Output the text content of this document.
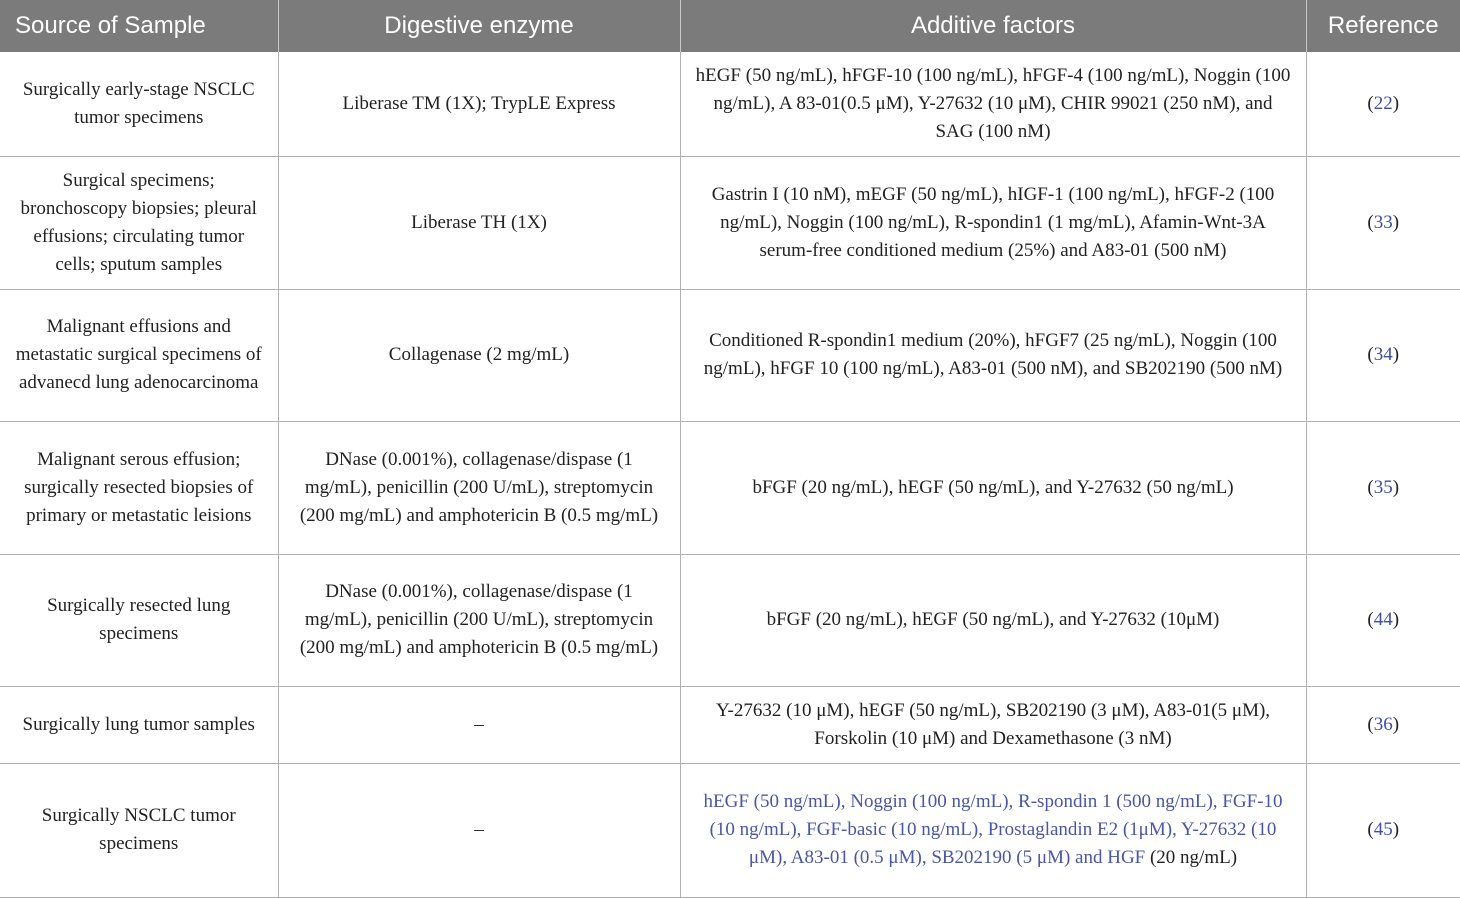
Source of Sample	Digestive enzyme	Additive factors	Reference
Surgically early-stage NSCLC tumor specimens	Liberase TM (1X); TrypLE Express	hEGF (50 ng/mL), hFGF-10 (100 ng/mL), hFGF-4 (100 ng/mL), Noggin (100 ng/mL), A 83-01(0.5 μM), Y-27632 (10 μM), CHIR 99021 (250 nM), and SAG (100 nM)	(22)
Surgical specimens; bronchoscopy biopsies; pleural effusions; circulating tumor cells; sputum samples	Liberase TH (1X)	Gastrin I (10 nM), mEGF (50 ng/mL), hIGF-1 (100 ng/mL), hFGF-2 (100 ng/mL), Noggin (100 ng/mL), R-spondin1 (1 mg/mL), Afamin-Wnt-3A serum-free conditioned medium (25%) and A83-01 (500 nM)	(33)
Malignant effusions and metastatic surgical specimens of advanecd lung adenocarcinoma	Collagenase (2 mg/mL)	Conditioned R-spondin1 medium (20%), hFGF7 (25 ng/mL), Noggin (100 ng/mL), hFGF 10 (100 ng/mL), A83-01 (500 nM), and SB202190 (500 nM)	(34)
Malignant serous effusion; surgically resected biopsies of primary or metastatic leisions	DNase (0.001%), collagenase/dispase (1 mg/mL), penicillin (200 U/mL), streptomycin (200 mg/mL) and amphotericin B (0.5 mg/mL)	bFGF (20 ng/mL), hEGF (50 ng/mL), and Y-27632 (50 ng/mL)	(35)
Surgically resected lung specimens	DNase (0.001%), collagenase/dispase (1 mg/mL), penicillin (200 U/mL), streptomycin (200 mg/mL) and amphotericin B (0.5 mg/mL)	bFGF (20 ng/mL), hEGF (50 ng/mL), and Y-27632 (10μM)	(44)
Surgically lung tumor samples	–	Y-27632 (10 μM), hEGF (50 ng/mL), SB202190 (3 μM), A83-01(5 μM), Forskolin (10 μM) and Dexamethasone (3 nM)	(36)
Surgically NSCLC tumor specimens	–	hEGF (50 ng/mL), Noggin (100 ng/mL), R-spondin 1 (500 ng/mL), FGF-10 (10 ng/mL), FGF-basic (10 ng/mL), Prostaglandin E2 (1μM), Y-27632 (10 μM), A83-01 (0.5 μM), SB202190 (5 μM) and HGF (20 ng/mL)	(45)
